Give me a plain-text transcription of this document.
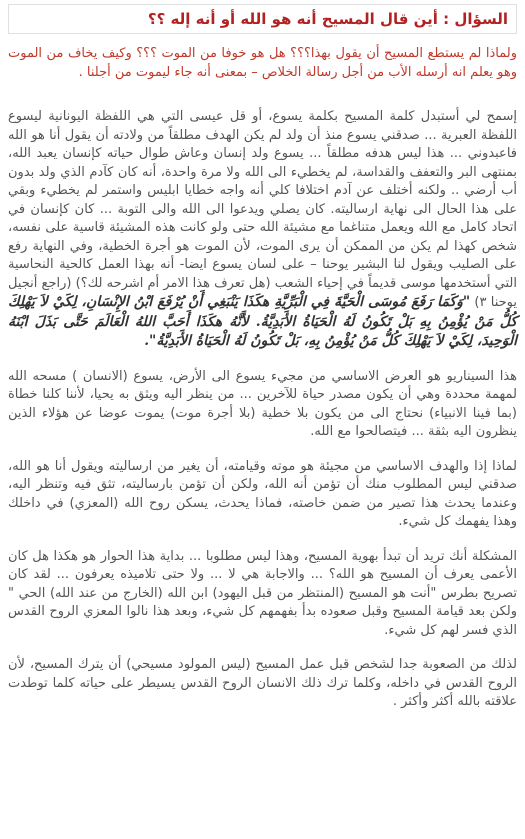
السؤال : أين قال المسيح أنه هو الله أو أنه إله ؟؟
ولماذا لم يستطع المسيح أن يقول بهذا؟؟؟ هل هو خوفا من الموت ؟؟؟ وكيف يخاف من الموت وهو يعلم انه أرسله الأب من أجل رسالة الخلاص – بمعنى أنه جاء ليموت من أجلنا .

إسمح لي أستبدل كلمة المسيح بكلمة يسوع، أو قل عيسى التي هي اللفظة اليونانية ليسوع اللفظة العبرية ... صدقني يسوع منذ أن ولد لم يكن الهدف مطلقاً من ولادته أن يقول أنا هو الله فاعبدوني ... هذا ليس هدفه مطلقاً ... يسوع ولد إنسان وعاش طوال حياته كإنسان يعبد الله، بمنتهى البر والتعفف والقداسة، لم يخطيء الى الله ولا مرة واحدة، أنه كان كآدم الذي ولد بدون أب أرضي .. ولكنه أختلف عن آدم اختلافا كلي أنه واجه خطايا ابليس واستمر لم يخطيء وبقي على هذا الحال الى نهاية ارساليته. كان يصلي ويدعوا الى الله والى التوبة ... كان كإنسان في اتحاد كامل مع الله ويعمل متناغما مع مشيئة الله حتى ولو كانت هذه المشيئة قاسية على نفسه، شخص كهذا لم يكن من الممكن أن يرى الموت، لأن الموت هو أجرة الخطية، وفي النهاية رفع على الصليب ويقول لنا البشير يوحنا – على لسان يسوع ايضا- أنه بهذا العمل كالحية النحاسية التي أستخدمها موسى قديماً في إحياء الشعب (هل تعرف هذا الامر أم اشرحه لك؟) (راجع أنجيل يوحنا ٣) "وَكَمَا رَفَعَ مُوسَى الْحَيَّةَ فِي الْبَرِّيَّةِ هكَذَا يَنْبَغِي أَنْ يُرْفَعَ ابْنُ الإِنْسَانِ، لِكَيْ لاَ يَهْلِكَ كُلُّ مَنْ يُؤْمِنُ بِهِ بَلْ تَكُونُ لَهُ الْحَيَاةُ الأَبَدِيَّةُ. لأَنَّهُ هكَذَا أَحَبَّ اللهُ الْعَالَمَ حَتَّى بَذَلَ ابْنَهُ الْوَحِيدَ، لِكَيْ لاَ يَهْلِكَ كُلُّ مَنْ يُؤْمِنُ بِهِ، بَلْ تَكُونُ لَهُ الْحَيَاةُ الأَبَدِيَّةُ".

هذا السيناريو هو العرض الاساسي من مجيء يسوع الى الأرض، يسوع (الانسان ) مسحه الله لمهمة محددة وهي أن يكون مصدر حياة للآخرين ... من ينظر اليه ويثق به يحيا، لأننا كلنا خطاة (بما فينا الانبياء) نحتاج الى من يكون بلا خطية (بلا أجرة موت) يموت عوضا عن هؤلاء الذين ينظرون اليه بثقة ... فيتصالحوا مع الله.

لماذا إذا والهدف الاساسي من مجيئة هو موته وقيامته، أن يغير من ارساليته ويقول أنا هو الله، صدقني ليس المطلوب منك أن تؤمن أنه الله، ولكن أن تؤمن بارساليته، تثق فيه وتنظر اليه، وعندما يحدث هذا تصير من ضمن خاصته، فماذا يحدث، يسكن روح الله (المعزي) في داخلك وهذا يفهمك كل شيء.

المشكلة أنك تريد أن تبدأ بهوية المسيح، وهذا ليس مطلوبا ... بداية هذا الحوار هو هكذا هل كان الأعمى يعرف أن المسيح هو الله؟ ... والاجابة هي لا ... ولا حتى تلاميذه يعرفون ... لقد كان تصريح بطرس "أنت هو المسيح (المنتظر من قبل اليهود) ابن الله (الخارج من عند الله) الحي " ولكن بعد قيامة المسيح وقبل صعوده بدأ بفهمهم كل شيء، وبعد هذا نالوا المعزي الروح القدس الذي فسر لهم كل شيء.

لذلك من الصعوبة جدا لشخص قبل عمل المسيح (ليس المولود مسيحي) أن يترك المسيح، لأن الروح القدس في داخله، وكلما ترك ذلك الانسان الروح القدس يسيطر على حياته كلما توطدت علاقته بالله أكثر وأكثر .
